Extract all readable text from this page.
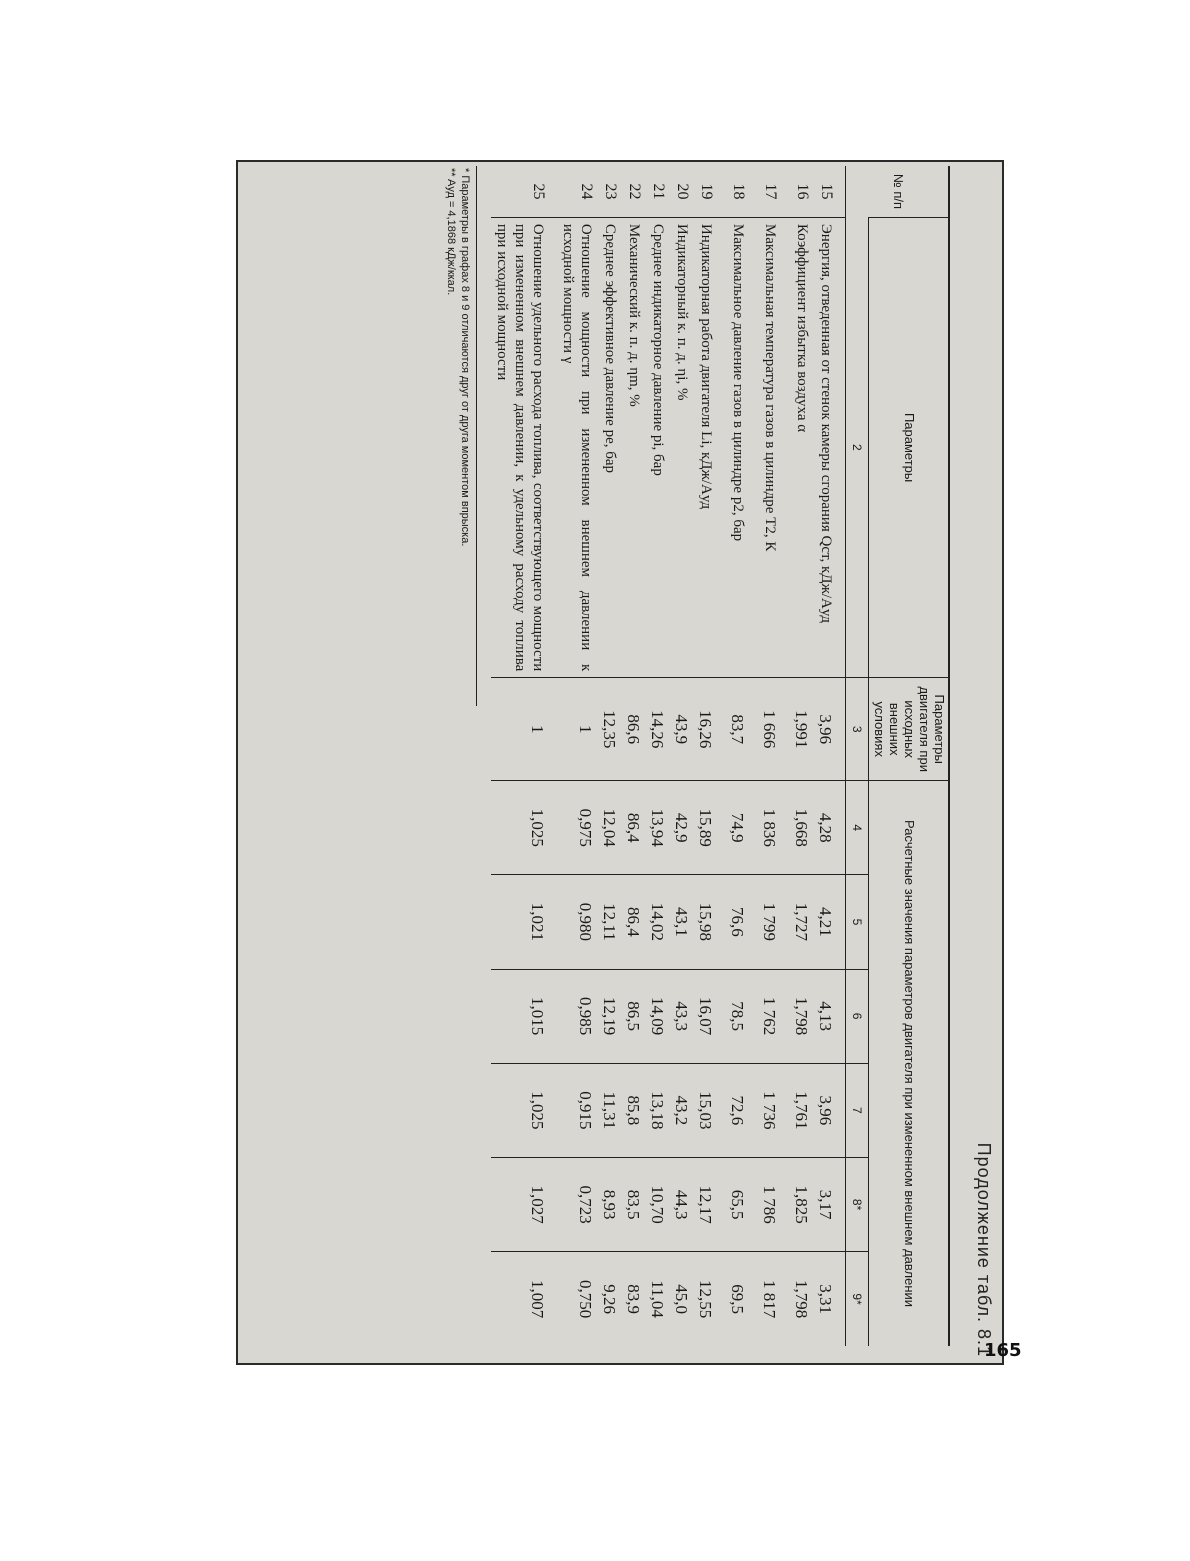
Продолжение табл. 8.1
№ п/п	Параметры	Параметры двигателя при исходных внешних условиях	Расчетные значения параметров двигателя при измененном внешнем давлении					
	2	3	4	5	6	7	8*	9*
15	Энергия, отведенная от стенок камеры сгорания Qст, кДж/Aуд	3,96	4,28	4,21	4,13	3,96	3,17	3,31
16	Коэффициент избытка воздуха α	1,991	1,668	1,727	1,798	1,761	1,825	1,798
17	Максимальная температура газов в цилиндре T2, К	1 666	1 836	1 799	1 762	1 736	1 786	1 817
18	Максимальное давление газов в цилиндре p2, бар	83,7	74,9	76,6	78,5	72,6	65,5	69,5
19	Индикаторная работа двигателя Li, кДж/Aуд	16,26	15,89	15,98	16,07	15,03	12,17	12,55
20	Индикаторный к. п. д. ηi, %	43,9	42,9	43,1	43,3	43,2	44,3	45,0
21	Среднее индикаторное давление pi, бар	14,26	13,94	14,02	14,09	13,18	10,70	11,04
22	Механический к. п. д. ηm, %	86,6	86,4	86,4	86,5	85,8	83,5	83,9
23	Среднее эффективное давление pe, бар	12,35	12,04	12,11	12,19	11,31	8,93	9,26
24	Отношение мощности при измененном внешнем давлении к исходной мощности γ	1	0,975	0,980	0,985	0,915	0,723	0,750
25	Отношение удельного расхода топлива, соответствующего мощности при измененном внешнем давлении, к удельному расходу топлива при исходной мощности	1	1,025	1,021	1,015	1,025	1,027	1,007
* Параметры в графах 8 и 9 отличаются друг от друга моментом впрыска.
** Aуд = 4,1868 кДж/ккал.
165
